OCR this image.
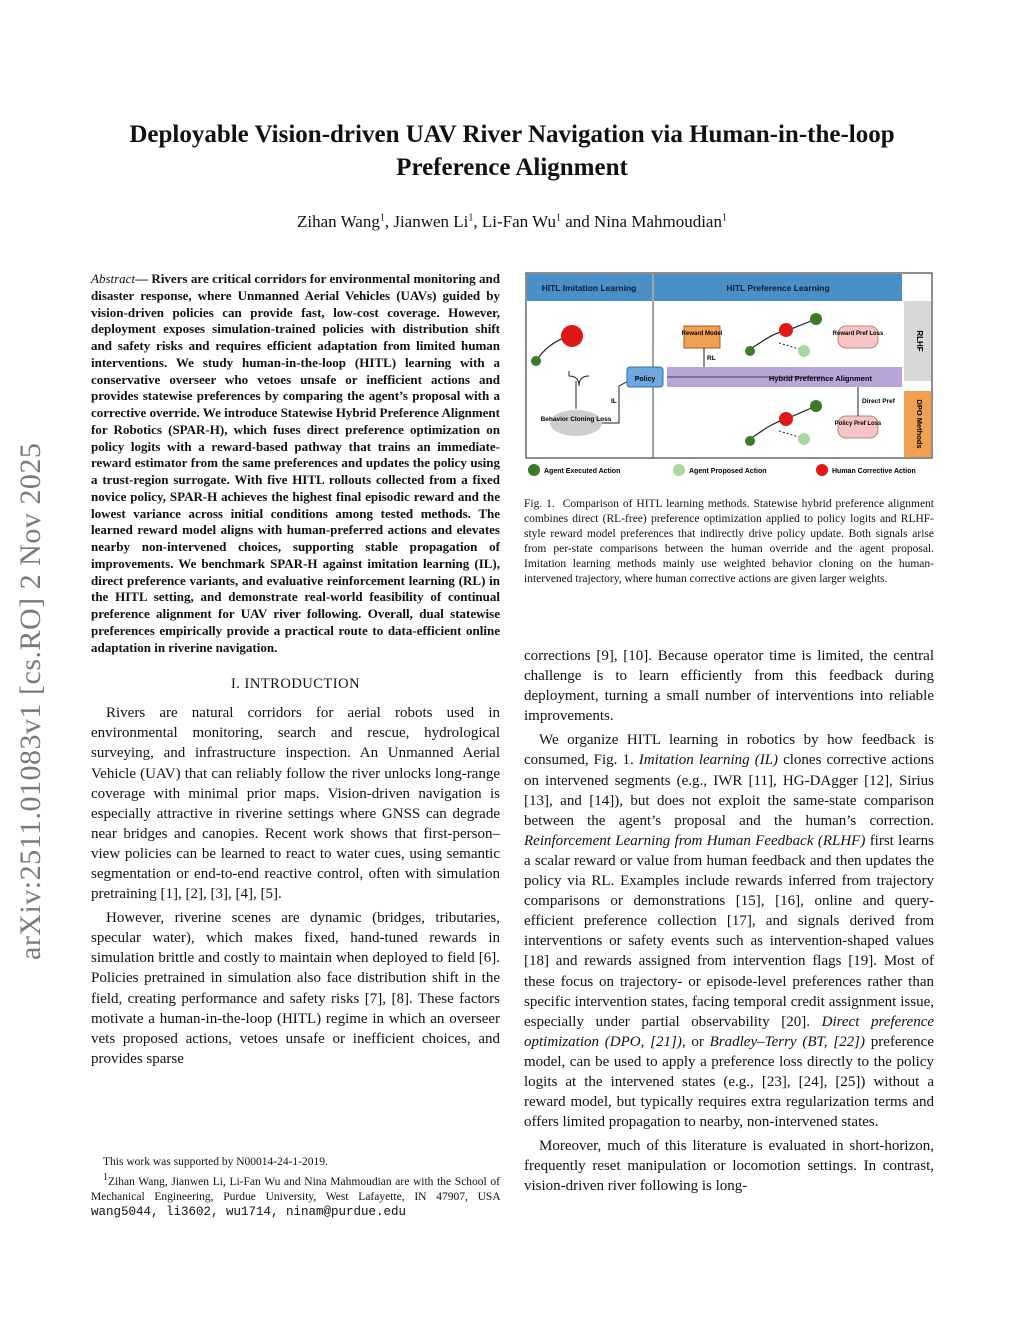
Deployable Vision-driven UAV River Navigation via Human-in-the-loop
Preference Alignment
Zihan Wang$^1$, Jianwen Li$^1$, Li-Fan Wu$^1$ and Nina Mahmoudian$^1$
arXiv:2511.01083v1 [cs.RO] 2 Nov 2025
Abstract— Rivers are critical corridors for environmental monitoring and disaster response, where Unmanned Aerial Vehicles (UAVs) guided by vision-driven policies can provide fast, low-cost coverage. However, deployment exposes simulation-trained policies with distribution shift and safety risks and requires efficient adaptation from limited human interventions. We study human-in-the-loop (HITL) learning with a conservative overseer who vetoes unsafe or inefficient actions and provides statewise preferences by comparing the agent’s proposal with a corrective override. We introduce Statewise Hybrid Preference Alignment for Robotics (SPAR-H), which fuses direct preference optimization on policy logits with a reward-based pathway that trains an immediate-reward estimator from the same preferences and updates the policy using a trust-region surrogate. With five HITL rollouts collected from a fixed novice policy, SPAR-H achieves the highest final episodic reward and the lowest variance across initial conditions among tested methods. The learned reward model aligns with human-preferred actions and elevates nearby non-intervened choices, supporting stable propagation of improvements. We benchmark SPAR-H against imitation learning (IL), direct preference variants, and evaluative reinforcement learning (RL) in the HITL setting, and demonstrate real-world feasibility of continual preference alignment for UAV river following. Overall, dual statewise preferences empirically provide a practical route to data-efficient online adaptation in riverine navigation.
I. INTRODUCTION

Rivers are natural corridors for aerial robots used in environmental monitoring, search and rescue, hydrological surveying, and infrastructure inspection. An Unmanned Aerial Vehicle (UAV) that can reliably follow the river unlocks long-range coverage with minimal prior maps. Vision-driven navigation is especially attractive in riverine settings where GNSS can degrade near bridges and canopies. Recent work shows that first-person–view policies can be learned to react to water cues, using semantic segmentation or end-to-end reactive control, often with simulation pretraining [1], [2], [3], [4], [5].

However, riverine scenes are dynamic (bridges, tributaries, specular water), which makes fixed, hand-tuned rewards in simulation brittle and costly to maintain when deployed to field [6]. Policies pretrained in simulation also face distribution shift in the field, creating performance and safety risks [7], [8]. These factors motivate a human-in-the-loop (HITL) regime in which an overseer vets proposed actions, vetoes unsafe or inefficient choices, and provides sparse

This work was supported by N00014-24-1-2019.

$^1$Zihan Wang, Jianwen Li, Li-Fan Wu and Nina Mahmoudian are with the School of Mechanical Engineering, Purdue University, West Lafayette, IN 47907, USA wang5044, li3602, wu1714, ninam@purdue.edu

HITL Imitation Learning	HITL Preference Learning
RLHF
DPO Methods
Behavior Cloning Loss
IL
Policy	Hybrid Preference Alignment
Reward Model
RL
Reward Pref Loss
Policy Pref Loss
Direct Pref
Agent Executed Action	Agent Proposed Action	Human Corrective Action
Fig. 1. Comparison of HITL learning methods. Statewise hybrid preference alignment combines direct (RL-free) preference optimization applied to policy logits and RLHF-style reward model preferences that indirectly drive policy update. Both signals arise from per-state comparisons between the human override and the agent proposal. Imitation learning methods mainly use weighted behavior cloning on the human-intervened trajectory, where human corrective actions are given larger weights.

corrections [9], [10]. Because operator time is limited, the central challenge is to learn efficiently from this feedback during deployment, turning a small number of interventions into reliable improvements.

We organize HITL learning in robotics by how feedback is consumed, Fig. 1. Imitation learning (IL) clones corrective actions on intervened segments (e.g., IWR [11], HG-DAgger [12], Sirius [13], and [14]), but does not exploit the same-state comparison between the agent’s proposal and the human’s correction. Reinforcement Learning from Human Feedback (RLHF) first learns a scalar reward or value from human feedback and then updates the policy via RL. Examples include rewards inferred from trajectory comparisons or demonstrations [15], [16], online and query-efficient preference collection [17], and signals derived from interventions or safety events such as intervention-shaped values [18] and rewards assigned from intervention flags [19]. Most of these focus on trajectory- or episode-level preferences rather than specific intervention states, facing temporal credit assignment issue, especially under partial observability [20]. Direct preference optimization (DPO, [21]), or Bradley–Terry (BT, [22]) preference model, can be used to apply a preference loss directly to the policy logits at the intervened states (e.g., [23], [24], [25]) without a reward model, but typically requires extra regularization terms and offers limited propagation to nearby, non-intervened states.

Moreover, much of this literature is evaluated in short-horizon, frequently reset manipulation or locomotion settings. In contrast, vision-driven river following is long-
